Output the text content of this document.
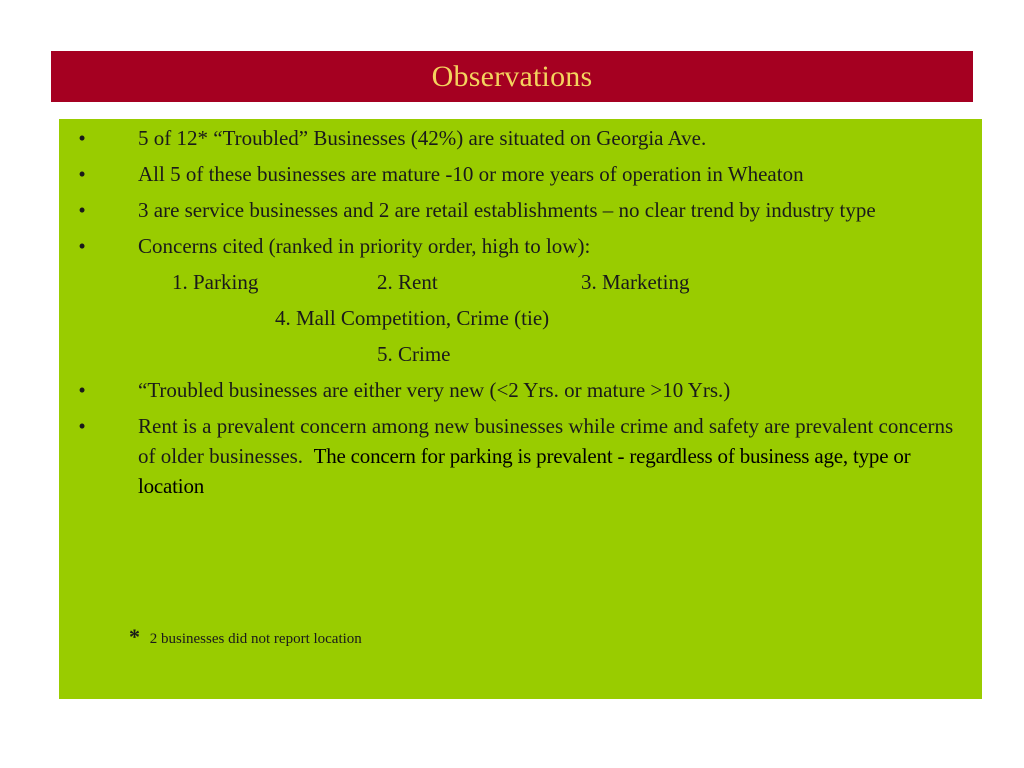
Observations
•	5 of 12* “Troubled” Businesses (42%) are situated on Georgia Ave.
•	All 5 of these businesses are mature -10 or more years of operation in Wheaton
•	3 are service businesses and 2 are retail establishments – no clear trend by industry type
•	Concerns cited (ranked in priority order, high to low):
1. Parking	2. Rent	3. Marketing
4. Mall Competition, Crime (tie)
5. Crime
•	“Troubled businesses are either very new (<2 Yrs. or mature >10 Yrs.)
•	Rent is a prevalent concern among new businesses while crime and safety are prevalent concerns of older businesses. The concern for parking is prevalent - regardless of business age, type or location
* 2 businesses did not report location
